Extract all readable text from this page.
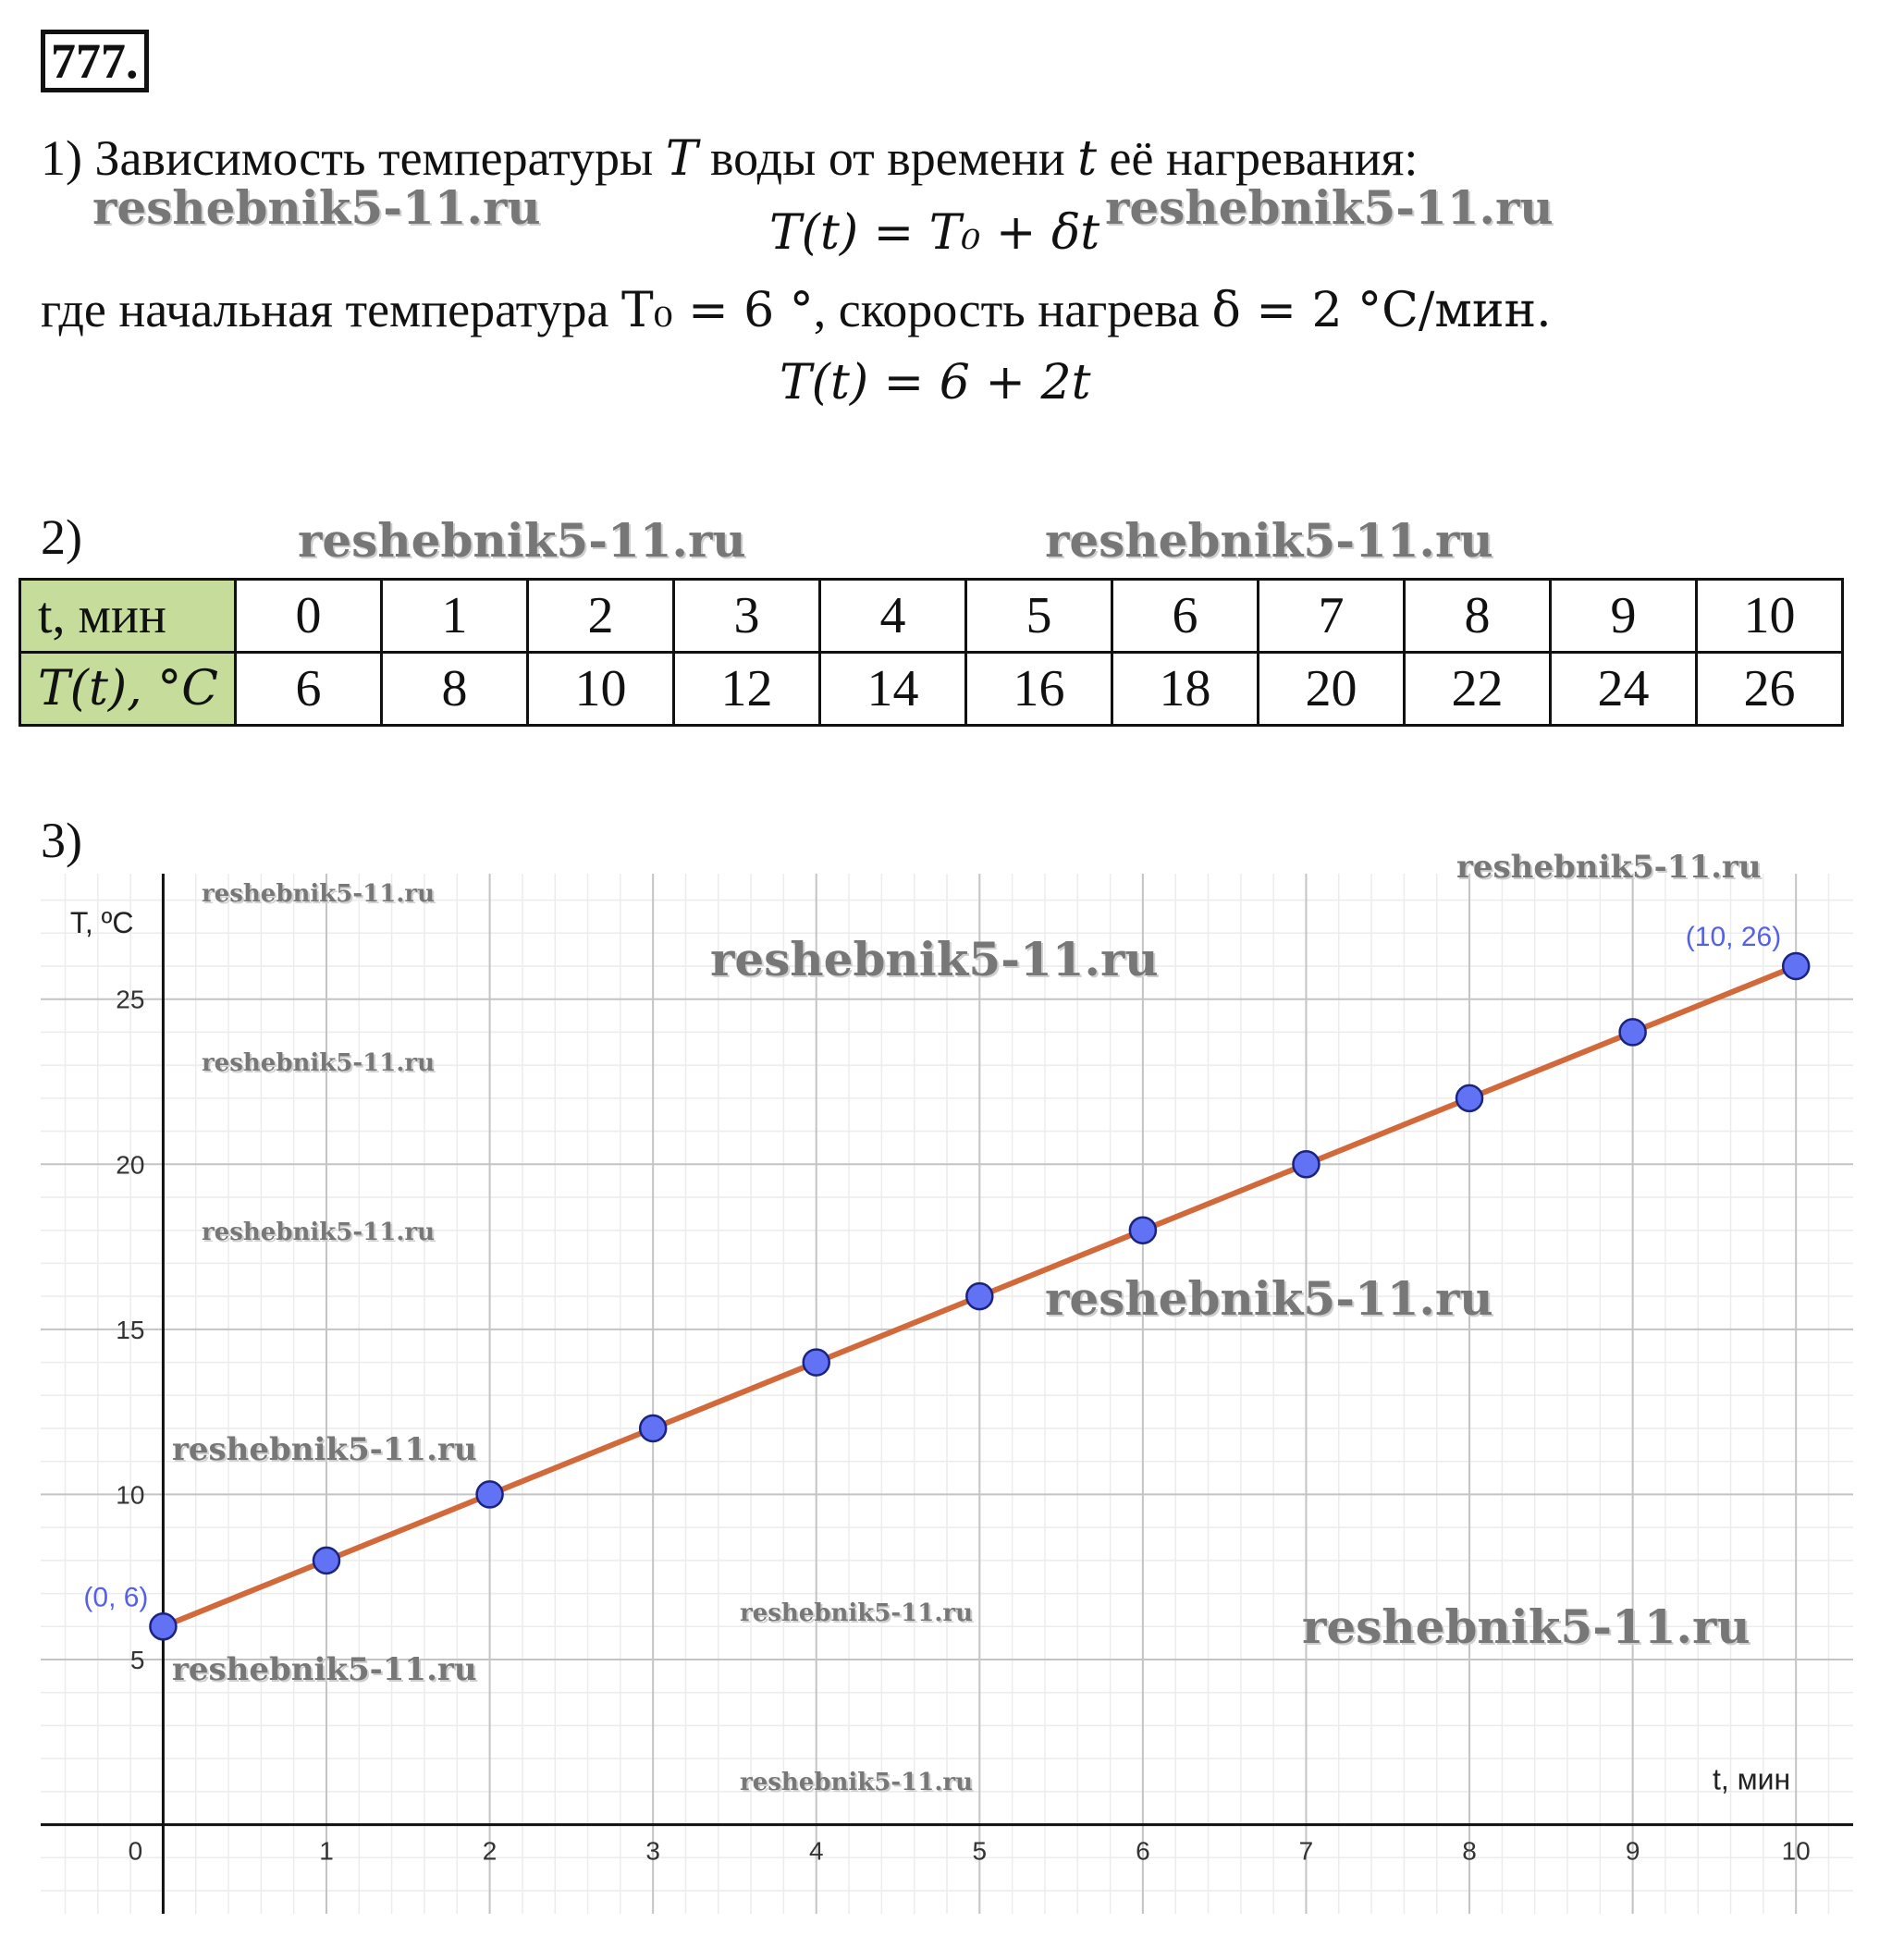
777.
1) Зависимость температуры T воды от времени t её нагревания:
T(t) = T₀ + δt
где начальная температура T₀ = 6 °, скорость нагрева δ = 2 °C/мин.
T(t) = 6 + 2t
2)
t, мин	0	1	2	3	4	5	6	7	8	9	10
T(t), °C	6	8	10	12	14	16	18	20	22	24	26
3)
0	1	2	3	4	5	6	7	8	9	10
5
10
15
20
25
T, ºC
t, мин
(0, 6)
(10, 26)
reshebnik5-11.ru	reshebnik5-11.ru
reshebnik5-11.ru	reshebnik5-11.ru
reshebnik5-11.ru
reshebnik5-11.ru
reshebnik5-11.ru
reshebnik5-11.ru
reshebnik5-11.ru
reshebnik5-11.ru
reshebnik5-11.ru
reshebnik5-11.ru	reshebnik5-11.ru
reshebnik5-11.ru
reshebnik5-11.ru
